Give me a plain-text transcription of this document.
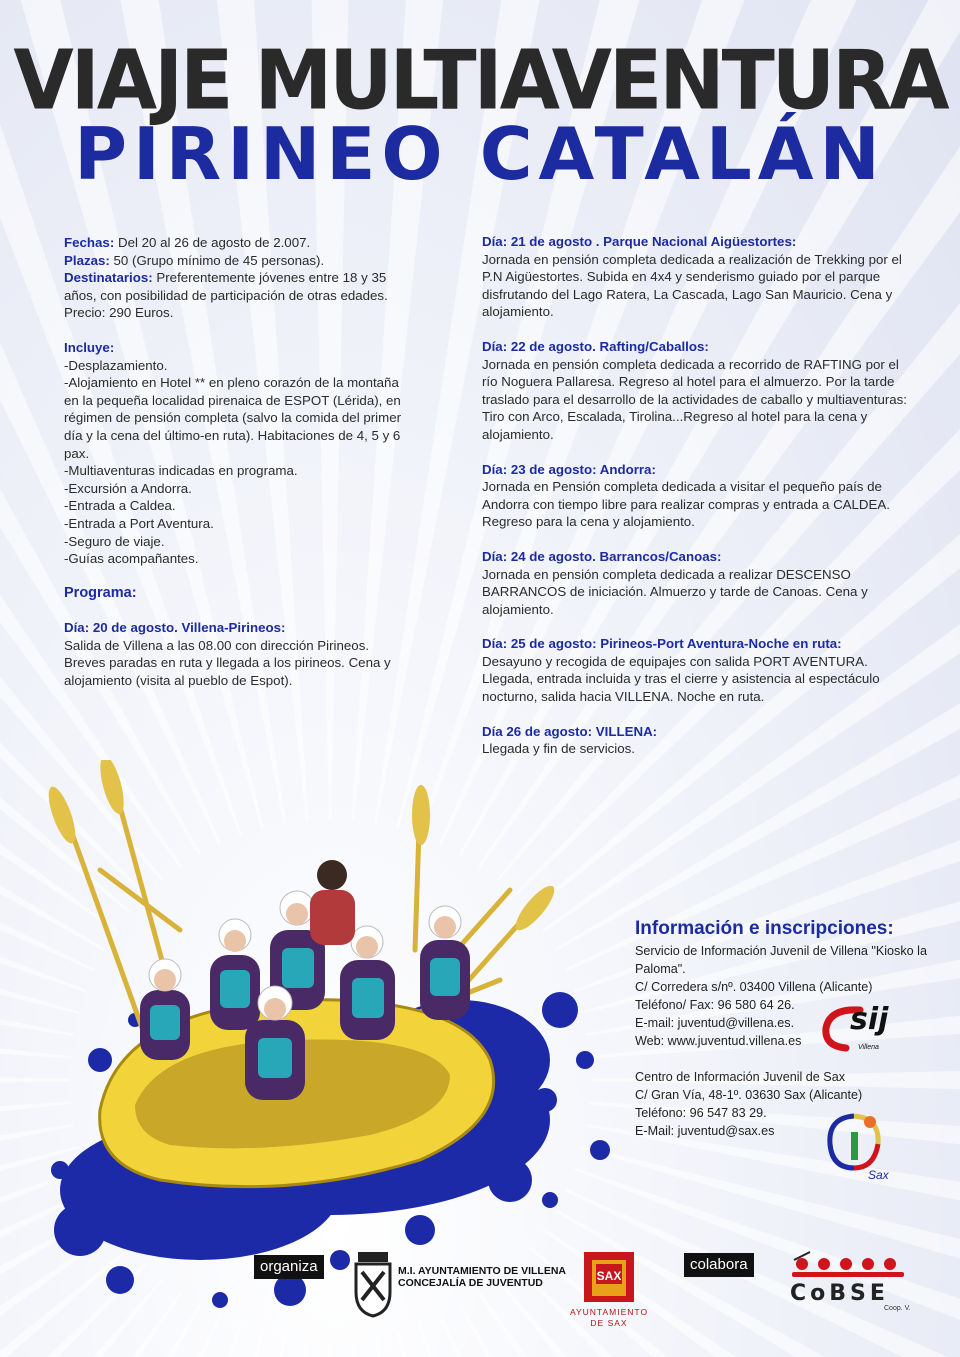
VIAJE MULTIAVENTURA
PIRINEO CATALÁN
Fechas: Del 20 al 26 de agosto de 2.007.
Plazas: 50 (Grupo mínimo de 45 personas).
Destinatarios: Preferentemente jóvenes entre 18 y 35 años, con posibilidad de participación de otras edades.
Precio: 290 Euros.
Incluye:
-Desplazamiento.
-Alojamiento en Hotel ** en pleno corazón de la montaña en la pequeña localidad pirenaica de ESPOT (Lérida), en régimen de pensión completa (salvo la comida del primer día y la cena del último-en ruta). Habitaciones de 4, 5 y 6 pax.
-Multiaventuras indicadas en programa.
-Excursión a Andorra.
-Entrada a Caldea.
-Entrada a Port Aventura.
-Seguro de viaje.
-Guías acompañantes.
Programa:
Día: 20 de agosto. Villena-Pirineos:
Salida de Villena a las 08.00 con dirección Pirineos. Breves paradas en ruta y llegada a los pirineos. Cena y alojamiento (visita al pueblo de Espot).
Día: 21 de agosto . Parque Nacional Aigüestortes:
Jornada en pensión completa dedicada a realización de Trekking por el P.N Aigüestortes. Subida en 4x4 y senderismo guiado por el parque disfrutando del Lago Ratera, La Cascada, Lago San Mauricio. Cena y alojamiento.
Día: 22 de agosto. Rafting/Caballos:
Jornada en pensión completa dedicada a recorrido de RAFTING por el río Noguera Pallaresa. Regreso al hotel para el almuerzo. Por la tarde traslado para el desarrollo de la actividades de caballo y multiaventuras: Tiro con Arco, Escalada, Tirolina...Regreso al hotel para la cena y alojamiento.
Día: 23 de agosto: Andorra:
Jornada en Pensión completa dedicada a visitar el pequeño país de Andorra con tiempo libre para realizar compras y entrada a CALDEA. Regreso para la cena y alojamiento.
Día: 24 de agosto. Barrancos/Canoas:
Jornada en pensión completa dedicada a realizar DESCENSO BARRANCOS de iniciación. Almuerzo y tarde de Canoas. Cena y alojamiento.
Día: 25 de agosto: Pirineos-Port Aventura-Noche en ruta:
Desayuno y recogida de equipajes con salida PORT AVENTURA. Llegada, entrada incluida y tras el cierre y asistencia al espectáculo nocturno, salida hacia VILLENA. Noche en ruta.
Día 26 de agosto: VILLENA:
Llegada y fin de servicios.
Información e inscripciones:
Servicio de Información Juvenil de Villena "Kiosko la Paloma".
C/ Corredera s/nº. 03400 Villena (Alicante)
Teléfono/ Fax: 96 580 64 26.
E-mail: juventud@villena.es.
Web: www.juventud.villena.es
Centro de Información Juvenil de Sax
C/ Gran Vía, 48-1º. 03630 Sax (Alicante)
Teléfono: 96 547 83 29.
E-Mail: juventud@sax.es
sij
Villena
Sax
organiza	M.I. AYUNTAMIENTO DE VILLENA
CONCEJALÍA DE JUVENTUD	SAX
AYUNTAMIENTO
DE SAX
colabora
CoBSE
Coop. V.
